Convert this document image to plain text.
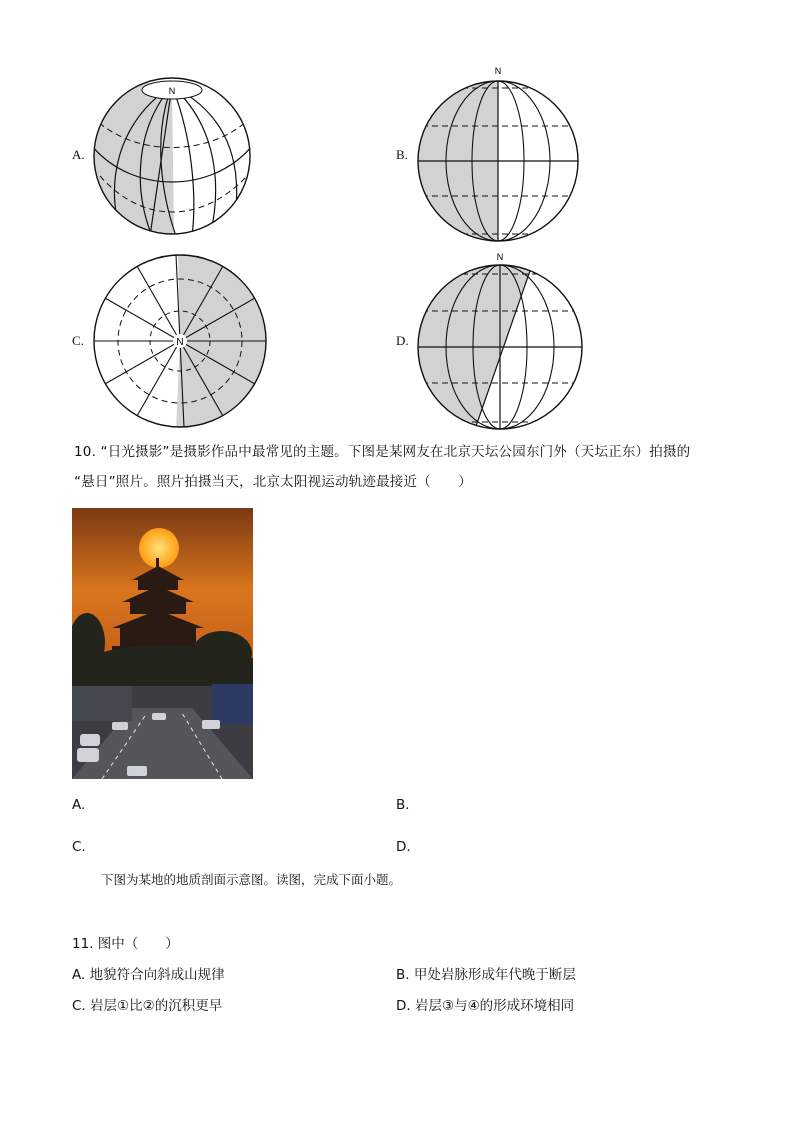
A.
N
B.
N
C.	N	D.
N
10. “日光摄影”是摄影作品中最常见的主题。下图是某网友在北京天坛公园东门外（天坛正东）拍摄的
“悬日”照片。照片拍摄当天，北京太阳视运动轨迹最接近（　　）
A.	B.
C.	D.
下图为某地的地质剖面示意图。读图，完成下面小题。
11. 图中（　　）
A. 地貌符合向斜成山规律	B. 甲处岩脉形成年代晚于断层
C. 岩层①比②的沉积更早	D. 岩层③与④的形成环境相同
